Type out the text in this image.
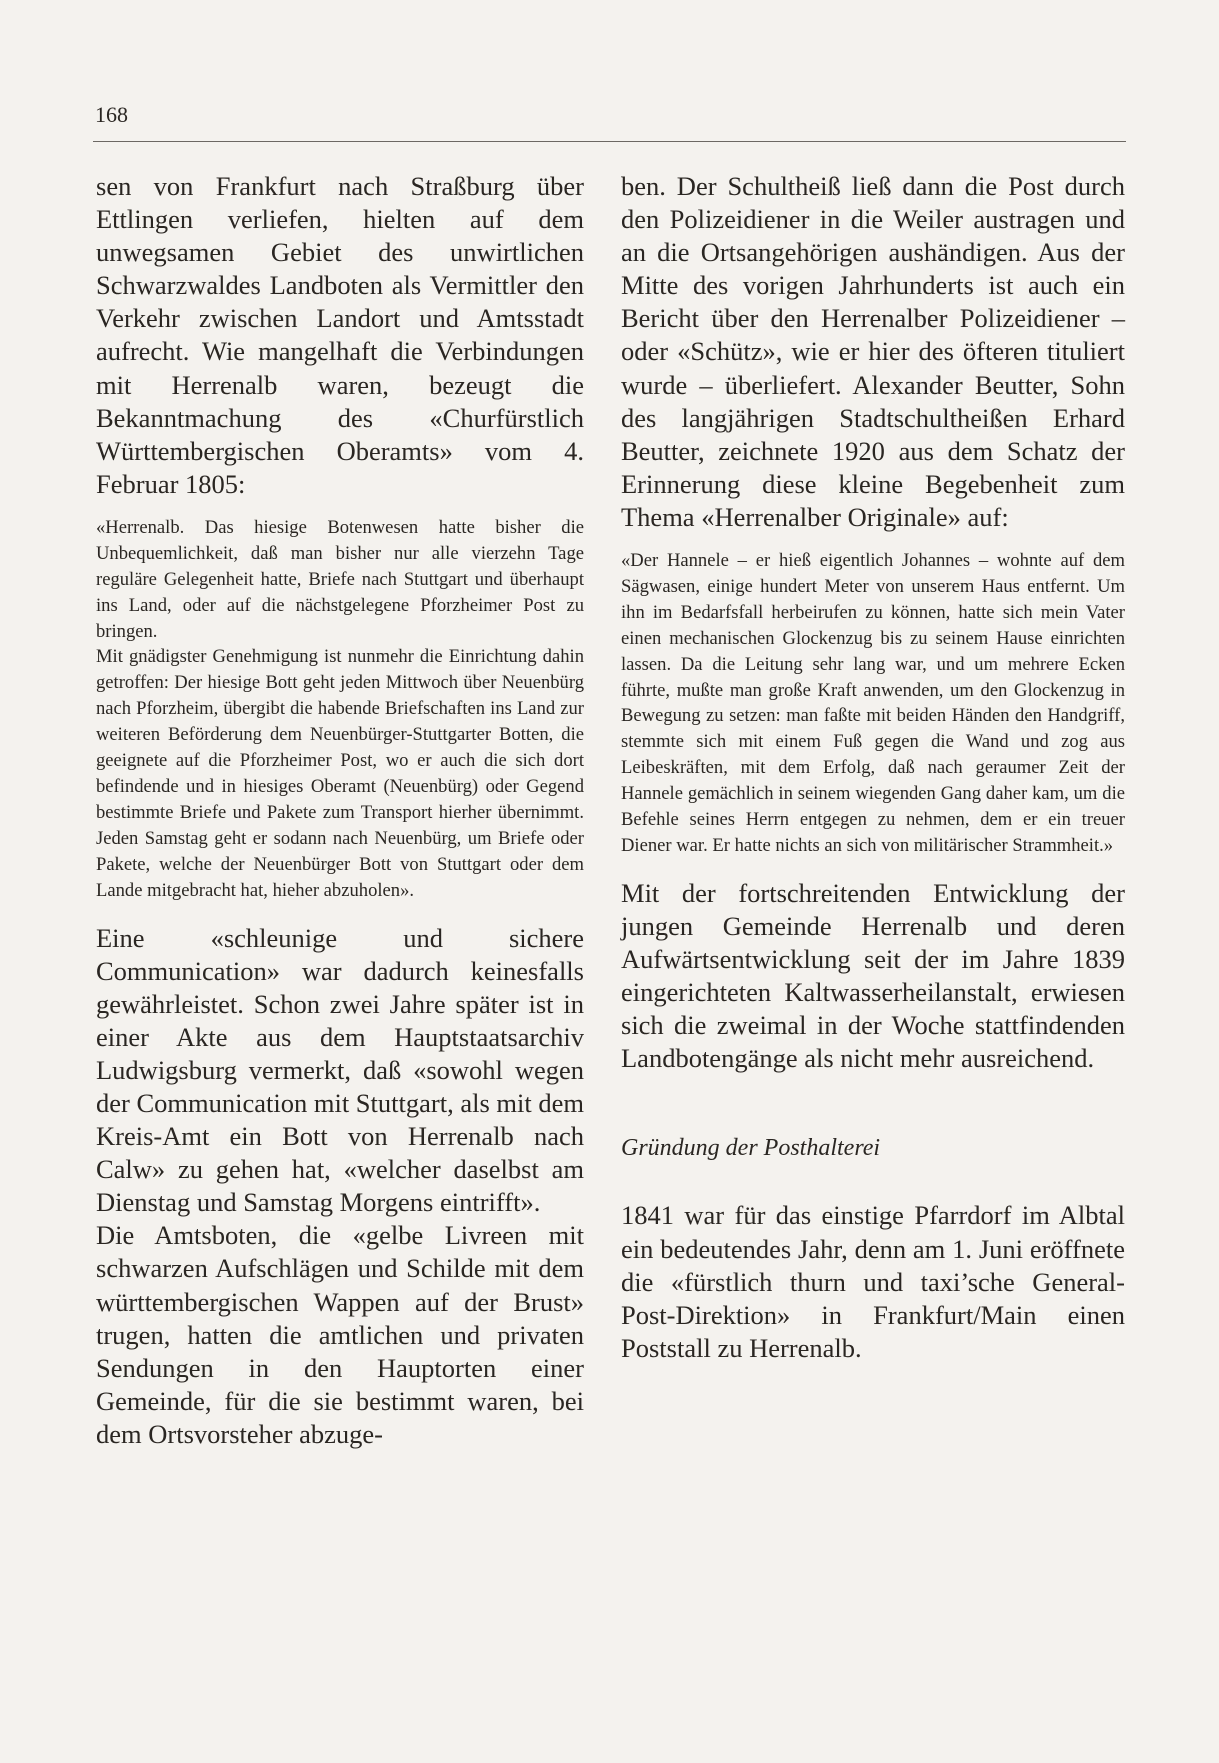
168

sen von Frankfurt nach Straßburg über Ettlingen verliefen, hielten auf dem unwegsamen Gebiet des unwirtlichen Schwarzwaldes Landboten als Vermittler den Verkehr zwischen Landort und Amtsstadt aufrecht. Wie mangelhaft die Verbindungen mit Herrenalb waren, bezeugt die Bekanntmachung des «Churfürstlich Württembergischen Oberamts» vom 4. Februar 1805:

«Herrenalb. Das hiesige Botenwesen hatte bisher die Unbequemlichkeit, daß man bisher nur alle vierzehn Tage reguläre Gelegenheit hatte, Briefe nach Stuttgart und überhaupt ins Land, oder auf die nächstgelegene Pforzheimer Post zu bringen.

Mit gnädigster Genehmigung ist nunmehr die Einrichtung dahin getroffen: Der hiesige Bott geht jeden Mittwoch über Neuenbürg nach Pforzheim, übergibt die habende Briefschaften ins Land zur weiteren Beförderung dem Neuenbürger-Stuttgarter Botten, die geeignete auf die Pforzheimer Post, wo er auch die sich dort befindende und in hiesiges Oberamt (Neuenbürg) oder Gegend bestimmte Briefe und Pakete zum Transport hierher übernimmt. Jeden Samstag geht er sodann nach Neuenbürg, um Briefe oder Pakete, welche der Neuenbürger Bott von Stuttgart oder dem Lande mitgebracht hat, hieher abzuholen».

Eine «schleunige und sichere Communication» war dadurch keinesfalls gewährleistet. Schon zwei Jahre später ist in einer Akte aus dem Hauptstaatsarchiv Ludwigsburg vermerkt, daß «sowohl wegen der Communication mit Stuttgart, als mit dem Kreis-Amt ein Bott von Herrenalb nach Calw» zu gehen hat, «welcher daselbst am Dienstag und Samstag Morgens eintrifft».

Die Amtsboten, die «gelbe Livreen mit schwarzen Aufschlägen und Schilde mit dem württembergischen Wappen auf der Brust» trugen, hatten die amtlichen und privaten Sendungen in den Hauptorten einer Gemeinde, für die sie bestimmt waren, bei dem Ortsvorsteher abzuge-

ben. Der Schultheiß ließ dann die Post durch den Polizeidiener in die Weiler austragen und an die Ortsangehörigen aushändigen. Aus der Mitte des vorigen Jahrhunderts ist auch ein Bericht über den Herrenalber Polizeidiener – oder «Schütz», wie er hier des öfteren tituliert wurde – überliefert. Alexander Beutter, Sohn des langjährigen Stadtschultheißen Erhard Beutter, zeichnete 1920 aus dem Schatz der Erinnerung diese kleine Begebenheit zum Thema «Herrenalber Originale» auf:

«Der Hannele – er hieß eigentlich Johannes – wohnte auf dem Sägwasen, einige hundert Meter von unserem Haus entfernt. Um ihn im Bedarfsfall herbeirufen zu können, hatte sich mein Vater einen mechanischen Glockenzug bis zu seinem Hause einrichten lassen. Da die Leitung sehr lang war, und um mehrere Ecken führte, mußte man große Kraft anwenden, um den Glockenzug in Bewegung zu setzen: man faßte mit beiden Händen den Handgriff, stemmte sich mit einem Fuß gegen die Wand und zog aus Leibeskräften, mit dem Erfolg, daß nach geraumer Zeit der Hannele gemächlich in seinem wiegenden Gang daher kam, um die Befehle seines Herrn entgegen zu nehmen, dem er ein treuer Diener war. Er hatte nichts an sich von militärischer Strammheit.»

Mit der fortschreitenden Entwicklung der jungen Gemeinde Herrenalb und deren Aufwärtsentwicklung seit der im Jahre 1839 eingerichteten Kaltwasserheilanstalt, erwiesen sich die zweimal in der Woche stattfindenden Landbotengänge als nicht mehr ausreichend.

Gründung der Posthalterei

1841 war für das einstige Pfarrdorf im Albtal ein bedeutendes Jahr, denn am 1. Juni eröffnete die «fürstlich thurn und taxi’sche General-Post-Direktion» in Frankfurt/Main einen Poststall zu Herrenalb.
